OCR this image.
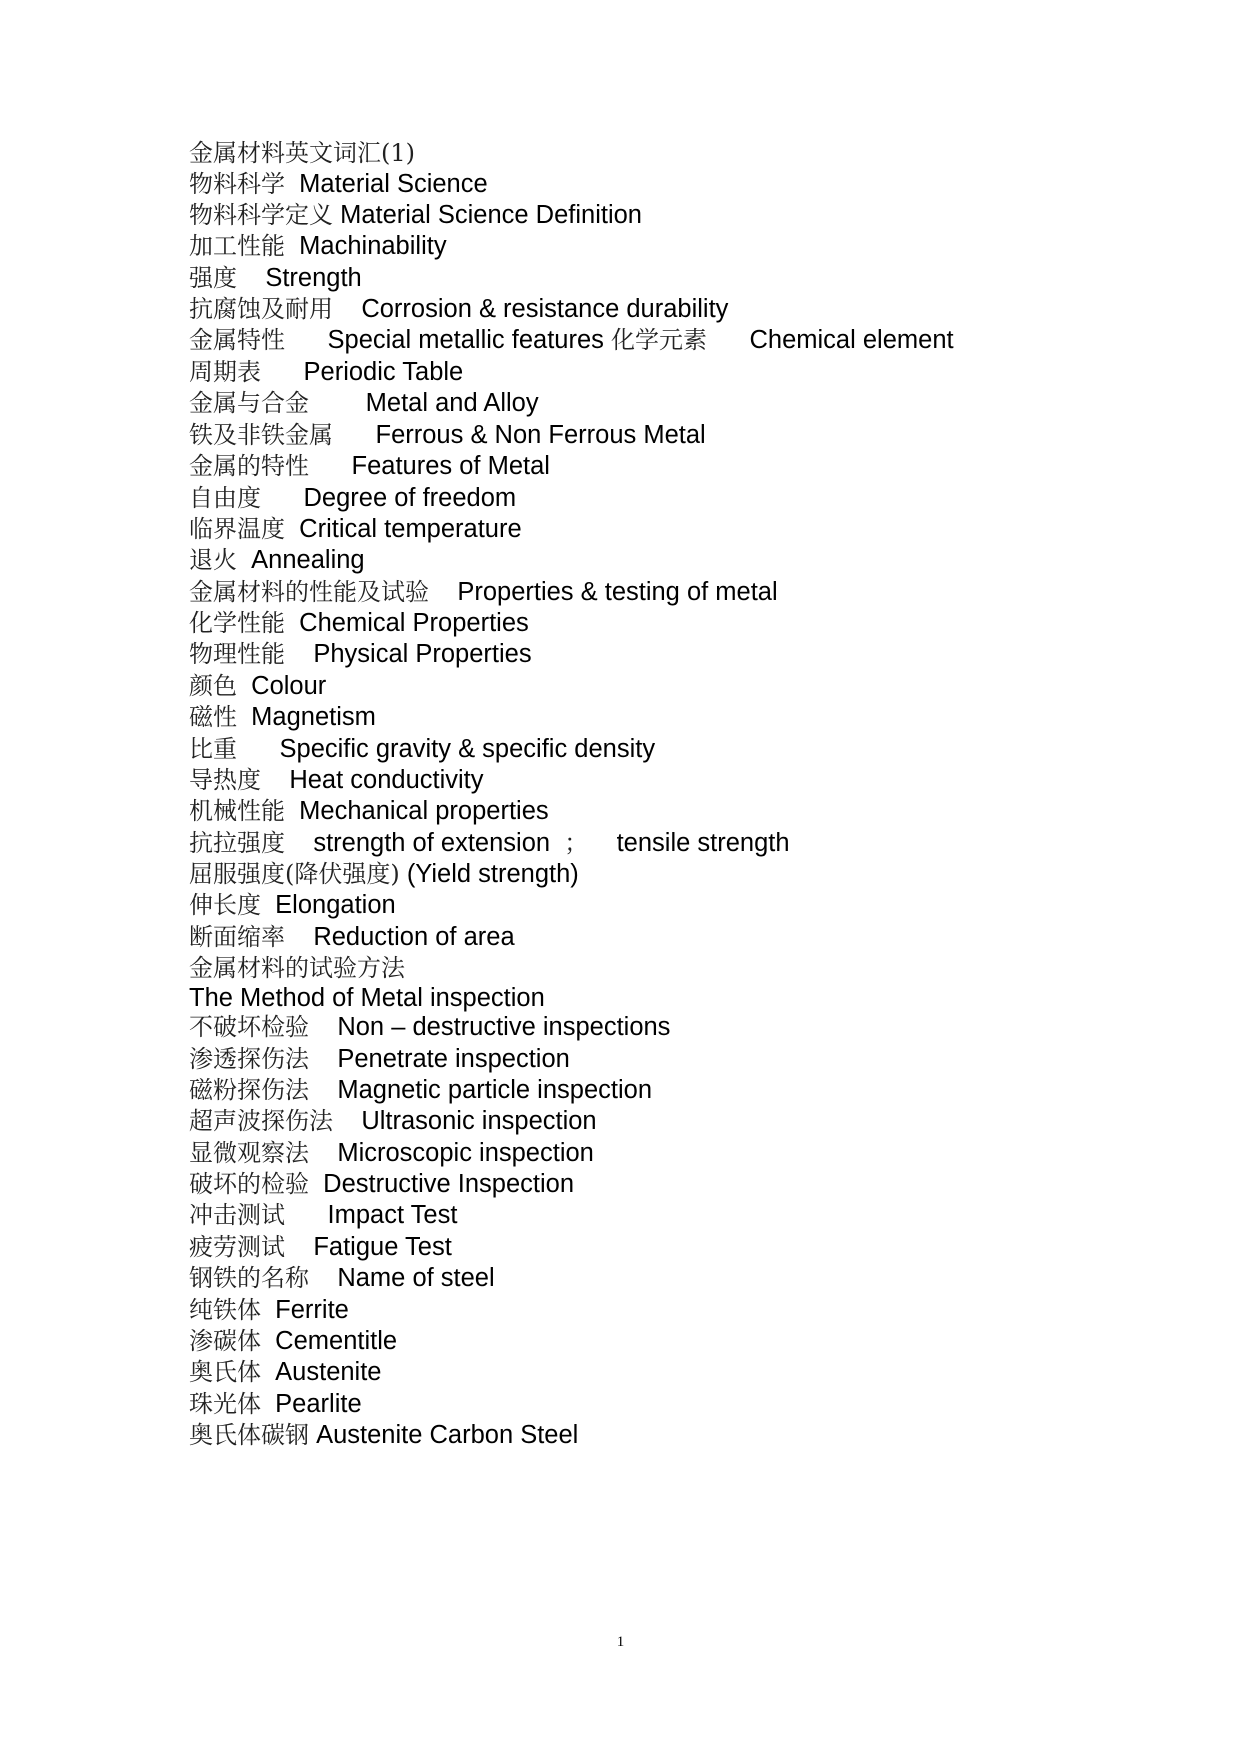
金属材料英文词汇(1)
物料科学  Material Science
物料科学定义 Material Science Definition
加工性能  Machinability
强度    Strength
抗腐蚀及耐用    Corrosion & resistance durability
金属特性      Special metallic features 化学元素      Chemical element
周期表      Periodic Table
金属与合金        Metal and Alloy
铁及非铁金属      Ferrous & Non Ferrous Metal
金属的特性      Features of Metal
自由度      Degree of freedom
临界温度  Critical temperature
退火  Annealing
金属材料的性能及试验    Properties & testing of metal
化学性能  Chemical Properties
物理性能    Physical Properties
颜色  Colour
磁性  Magnetism
比重      Specific gravity & specific density
导热度    Heat conductivity
机械性能  Mechanical properties
抗拉强度    strength of extension  ；    tensile strength
屈服强度(降伏强度) (Yield strength)
伸长度  Elongation
断面缩率    Reduction of area
金属材料的试验方法
The Method of Metal inspection
不破坏检验    Non – destructive inspections
渗透探伤法    Penetrate inspection
磁粉探伤法    Magnetic particle inspection
超声波探伤法    Ultrasonic inspection
显微观察法    Microscopic inspection
破坏的检验  Destructive Inspection
冲击测试      Impact Test
疲劳测试    Fatigue Test
钢铁的名称    Name of steel
纯铁体  Ferrite
渗碳体  Cementitle
奥氏体  Austenite
珠光体  Pearlite
奥氏体碳钢 Austenite Carbon Steel
1
